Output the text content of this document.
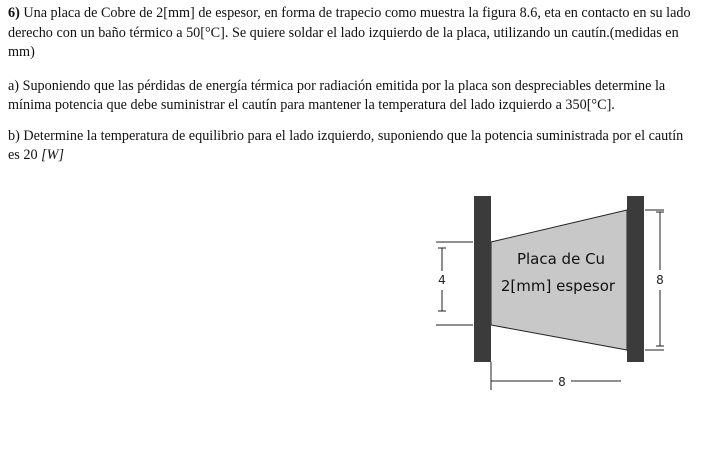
6) Una placa de Cobre de 2[mm] de espesor, en forma de trapecio como muestra la figura 8.6, eta en contacto en su lado derecho con un baño térmico a 50[°C]. Se quiere soldar el lado izquierdo de la placa, utilizando un cautín.(medidas en mm)

a) Suponiendo que las pérdidas de energía térmica por radiación emitida por la placa son despreciables determine la mínima potencia que debe suministrar el cautín para mantener la temperatura del lado izquierdo a 350[°C].

b) Determine la temperatura de equilibrio para el lado izquierdo, suponiendo que la potencia suministrada por el cautín es 20 [W]

Placa de Cu
2[mm] espesor
4	8
8
